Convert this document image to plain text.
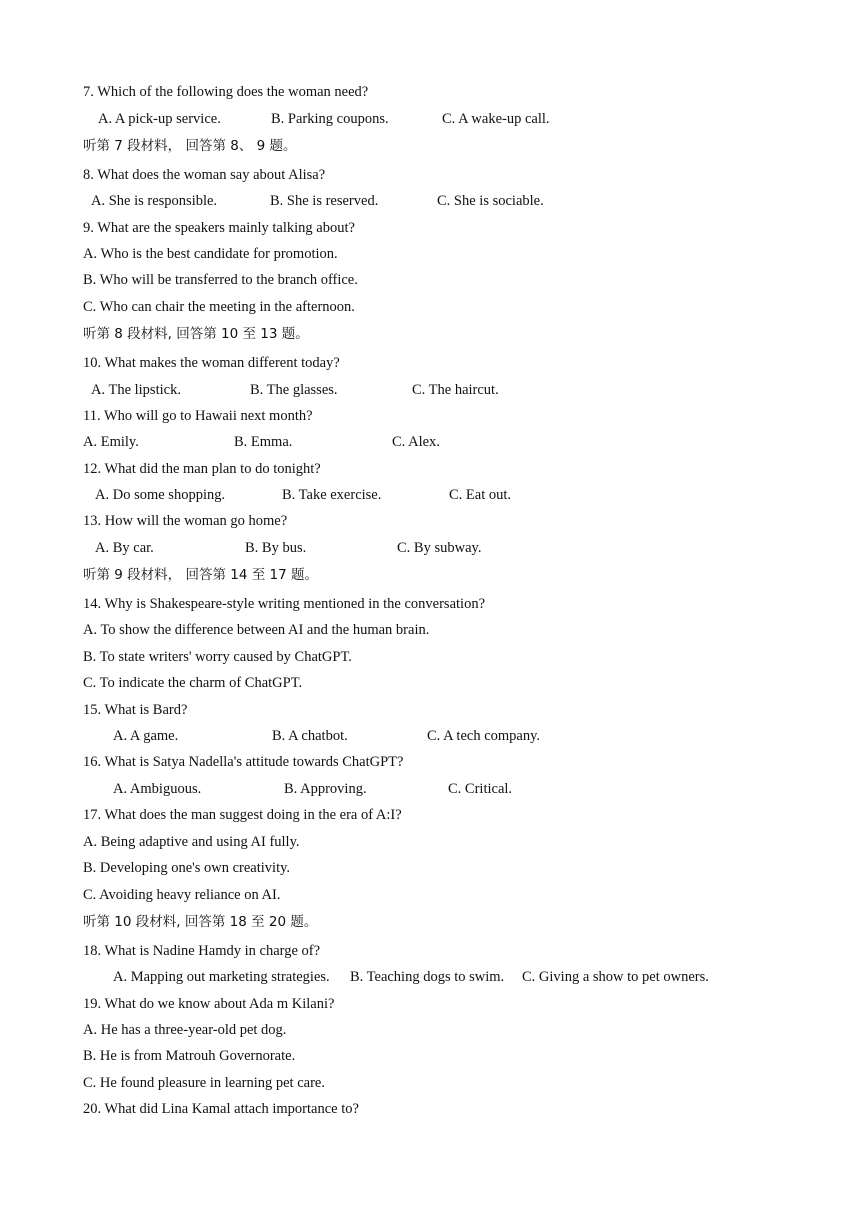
7. Which of the following does the woman need?
A. A pick-up service.	B. Parking coupons.	C. A wake-up call.
听第 7 段材料， 回答第 8、 9 题。
8. What does the woman say about Alisa?
A. She is responsible.	B. She is reserved.	C. She is sociable.
9. What are the speakers mainly talking about?
A. Who is the best candidate for promotion.
B. Who will be transferred to the branch office.
C. Who can chair the meeting in the afternoon.
听第 8 段材料, 回答第 10 至 13 题。
10. What makes the woman different today?
A. The lipstick.	B. The glasses.	C. The haircut.
11. Who will go to Hawaii next month?
A. Emily.	B. Emma.	C. Alex.
12. What did the man plan to do tonight?
A. Do some shopping.	B. Take exercise.	C. Eat out.
13. How will the woman go home?
A. By car.	B. By bus.	C. By subway.
听第 9 段材料， 回答第 14 至 17 题。
14. Why is Shakespeare-style writing mentioned in the conversation?
A. To show the difference between AI and the human brain.
B. To state writers' worry caused by ChatGPT.
C. To indicate the charm of ChatGPT.
15. What is Bard?
A. A game.	B. A chatbot.	C. A tech company.
16. What is Satya Nadella's attitude towards ChatGPT?
A. Ambiguous.	B. Approving.	C. Critical.
17. What does the man suggest doing in the era of A:I?
A. Being adaptive and using AI fully.
B. Developing one's own creativity.
C. Avoiding heavy reliance on AI.
听第 10 段材料, 回答第 18 至 20 题。
18. What is Nadine Hamdy in charge of?
A. Mapping out marketing strategies. B. Teaching dogs to swim. C. Giving a show to pet owners.
19. What do we know about Ada m Kilani?
A. He has a three-year-old pet dog.
B. He is from Matrouh Governorate.
C. He found pleasure in learning pet care.
20. What did Lina Kamal attach importance to?
